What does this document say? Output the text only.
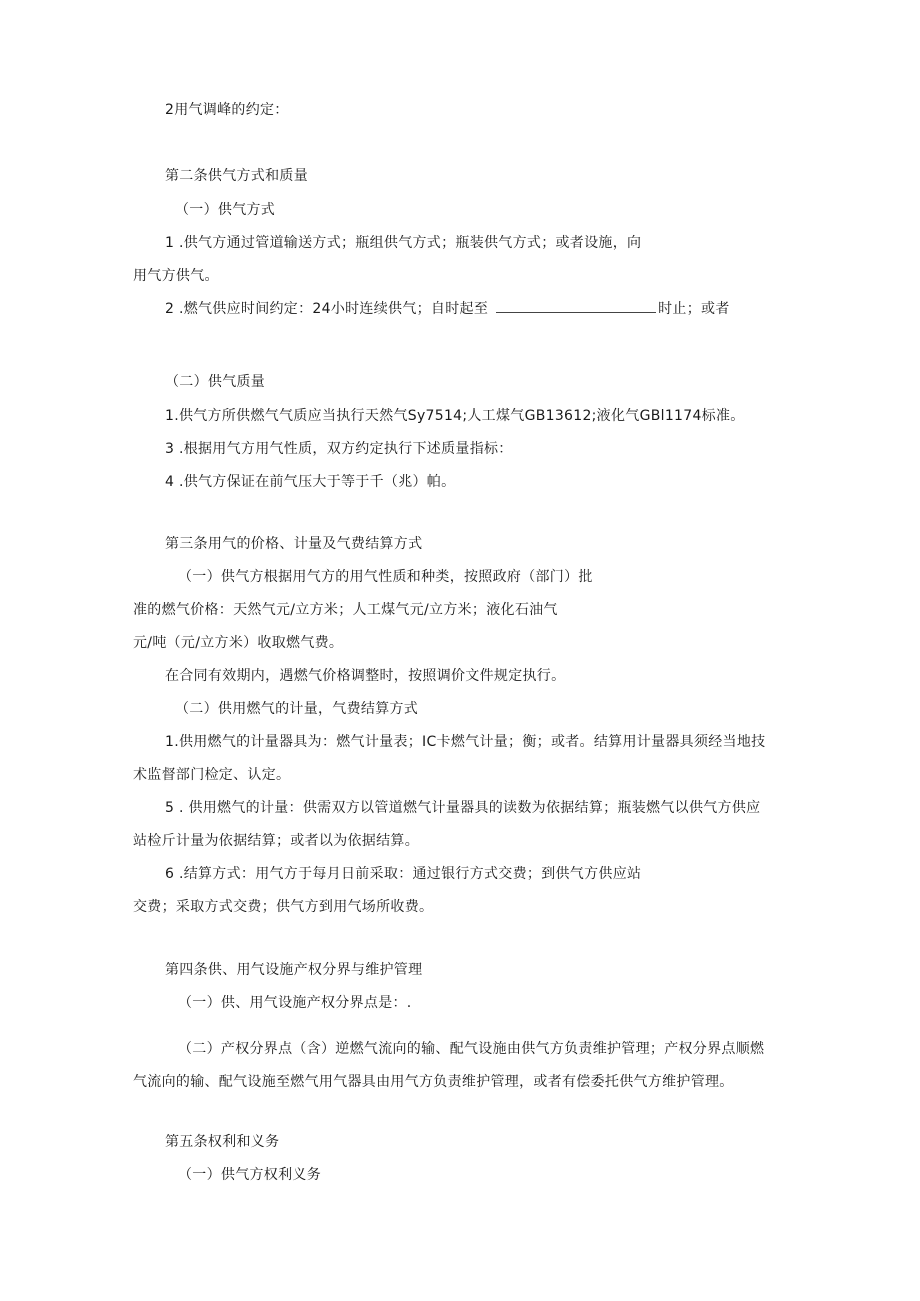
2用气调峰的约定：
第二条供气方式和质量
（一）供气方式
1 .供气方通过管道输送方式；瓶组供气方式；瓶装供气方式；或者设施，向
用气方供气。
2 .燃气供应时间约定：24小时连续供气；自时起至	时止；或者
（二）供气质量
1.供气方所供燃气气质应当执行天然气Sy7514;人工煤气GB13612;液化气GBl1174标准。
3 .根据用气方用气性质，双方约定执行下述质量指标：
4 .供气方保证在前气压大于等于千（兆）帕。
第三条用气的价格、计量及气费结算方式
（一）供气方根据用气方的用气性质和种类，按照政府（部门）批
准的燃气价格：天然气元/立方米；人工煤气元/立方米；液化石油气
元/吨（元/立方米）收取燃气费。
在合同有效期内，遇燃气价格调整时，按照调价文件规定执行。
（二）供用燃气的计量，气费结算方式
1.供用燃气的计量器具为：燃气计量表；IC卡燃气计量；衡；或者。结算用计量器具须经当地技
术监督部门检定、认定。
5 . 供用燃气的计量：供需双方以管道燃气计量器具的读数为依据结算；瓶装燃气以供气方供应
站检斤计量为依据结算；或者以为依据结算。
6 .结算方式：用气方于每月日前采取：通过银行方式交费；到供气方供应站
交费；采取方式交费；供气方到用气场所收费。
第四条供、用气设施产权分界与维护管理
（一）供、用气设施产权分界点是：.
（二）产权分界点（含）逆燃气流向的输、配气设施由供气方负责维护管理；产权分界点顺燃
气流向的输、配气设施至燃气用气器具由用气方负责维护管理，或者有偿委托供气方维护管理。
第五条权利和义务
（一）供气方权利义务
